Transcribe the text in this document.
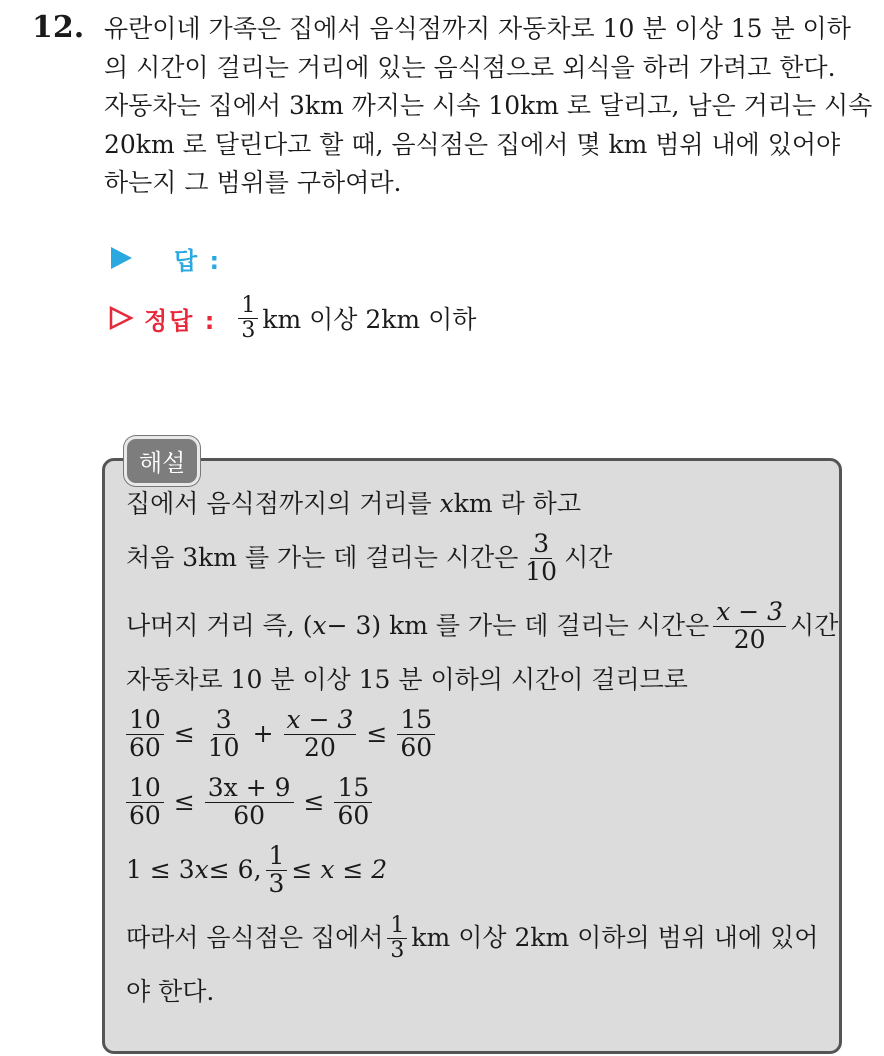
12. 유란이네 가족은 집에서 음식점까지 자동차로 10 분 이상 15 분 이하
의 시간이 걸리는 거리에 있는 음식점으로 외식을 하러 가려고 한다.
자동차는 집에서 3km 까지는 시속 10km 로 달리고, 남은 거리는 시속
20km 로 달린다고 할 때, 음식점은 집에서 몇 km 범위 내에 있어야
하는지 그 범위를 구하여라.
답 :
정답 : $\frac{1}{3}$ km 이상 2km 이하
해설
집에서 음식점까지의 거리를
x km 라 하고
처음 3km 를 가는 데 걸리는 시간은 $\frac{3}{10}$ 시간
나머지 거리 즉,
( x − 3) km
를 가는 데 걸리는 시간은 $\frac{x - 3}{20}$ 시간
자동차로 10 분 이상 15 분 이하의 시간이 걸리므로
$\frac{10}{60} \le \frac{3}{10} + \frac{x - 3}{20} \le \frac{15}{60}$
$\frac{10}{60} \le \frac{3x + 9}{60} \le \frac{15}{60}$
1 ≤ 3 x ≤ 6, $\frac{1}{3} \le x \le 2$
따라서 음식점은 집에서 $\frac{1}{3}$ km 이상 2km 이하의 범위 내에 있어
야 한다.
